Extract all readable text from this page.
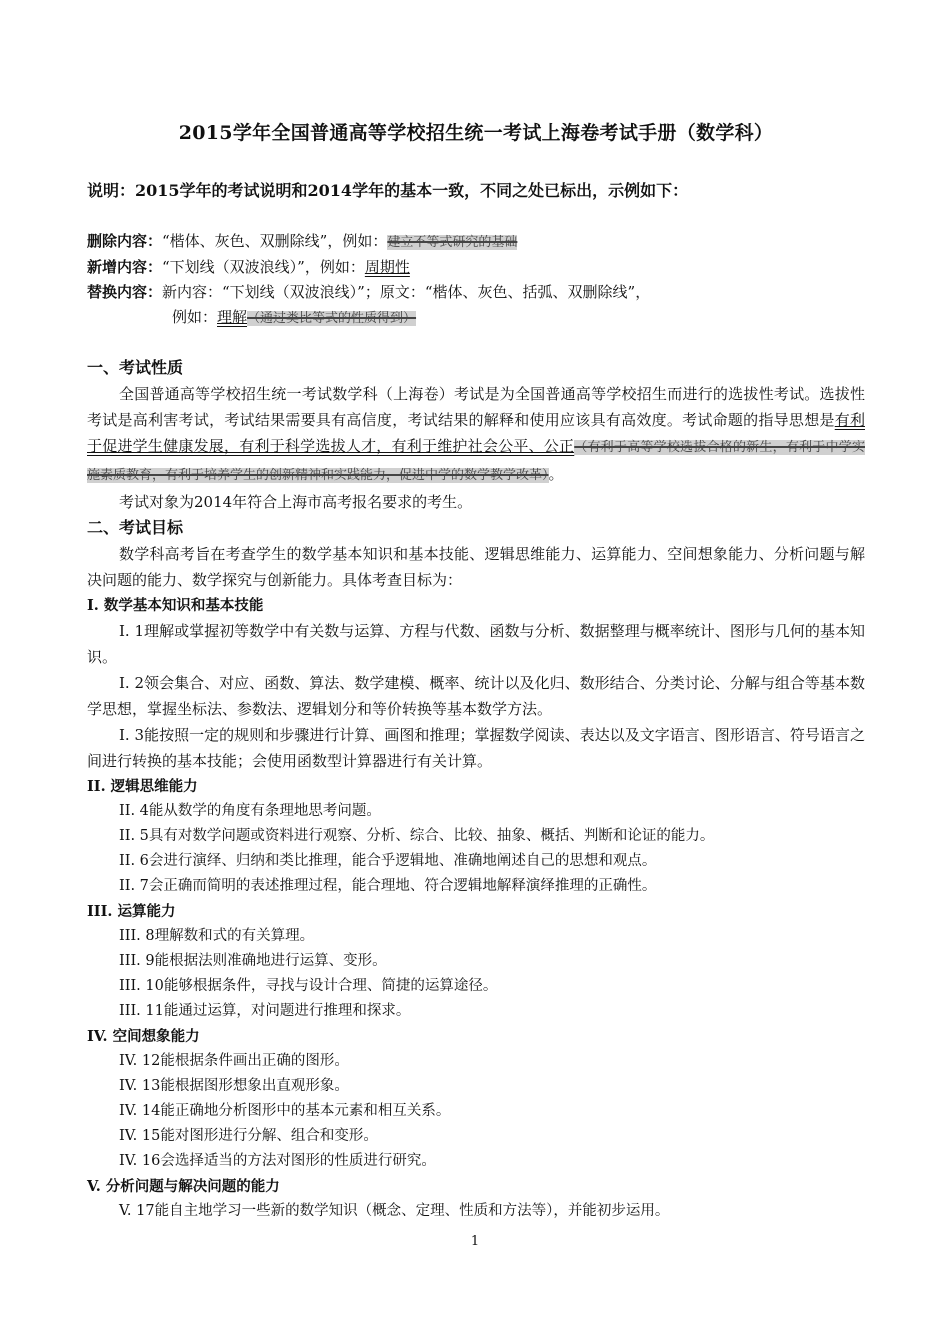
2015学年全国普通高等学校招生统一考试上海卷考试手册（数学科）
说明：2015学年的考试说明和2014学年的基本一致，不同之处已标出，示例如下：
删除内容：“楷体、灰色、双删除线”，例如：建立不等式研究的基础
新增内容：“下划线（双波浪线）”，例如：周期性
替换内容：新内容：“下划线（双波浪线）”；原文：“楷体、灰色、括弧、双删除线”，
例如：理解（通过类比等式的性质得到）
一、考试性质

全国普通高等学校招生统一考试数学科（上海卷）考试是为全国普通高等学校招生而进行的选拔性考试。选拔性考试是高利害考试，考试结果需要具有高信度，考试结果的解释和使用应该具有高效度。考试命题的指导思想是有利于促进学生健康发展，有利于科学选拔人才，有利于维护社会公平、公正（有利于高等学校选拔合格的新生，有利于中学实施素质教育，有利于培养学生的创新精神和实践能力，促进中学的数学教学改革）。

考试对象为2014年符合上海市高考报名要求的考生。

二、考试目标

数学科高考旨在考查学生的数学基本知识和基本技能、逻辑思维能力、运算能力、空间想象能力、分析问题与解决问题的能力、数学探究与创新能力。具体考查目标为：

I. 数学基本知识和基本技能

I. 1理解或掌握初等数学中有关数与运算、方程与代数、函数与分析、数据整理与概率统计、图形与几何的基本知识。

I. 2领会集合、对应、函数、算法、数学建模、概率、统计以及化归、数形结合、分类讨论、分解与组合等基本数学思想，掌握坐标法、参数法、逻辑划分和等价转换等基本数学方法。

I. 3能按照一定的规则和步骤进行计算、画图和推理；掌握数学阅读、表达以及文字语言、图形语言、符号语言之间进行转换的基本技能；会使用函数型计算器进行有关计算。

II. 逻辑思维能力
II. 4能从数学的角度有条理地思考问题。
II. 5具有对数学问题或资料进行观察、分析、综合、比较、抽象、概括、判断和论证的能力。
II. 6会进行演绎、归纳和类比推理，能合乎逻辑地、准确地阐述自己的思想和观点。
II. 7会正确而简明的表述推理过程，能合理地、符合逻辑地解释演绎推理的正确性。
III. 运算能力
III. 8理解数和式的有关算理。
III. 9能根据法则准确地进行运算、变形。
III. 10能够根据条件，寻找与设计合理、简捷的运算途径。
III. 11能通过运算，对问题进行推理和探求。
IV. 空间想象能力
IV. 12能根据条件画出正确的图形。
IV. 13能根据图形想象出直观形象。
IV. 14能正确地分析图形中的基本元素和相互关系。
IV. 15能对图形进行分解、组合和变形。
IV. 16会选择适当的方法对图形的性质进行研究。
V. 分析问题与解决问题的能力
V. 17能自主地学习一些新的数学知识（概念、定理、性质和方法等），并能初步运用。
1
